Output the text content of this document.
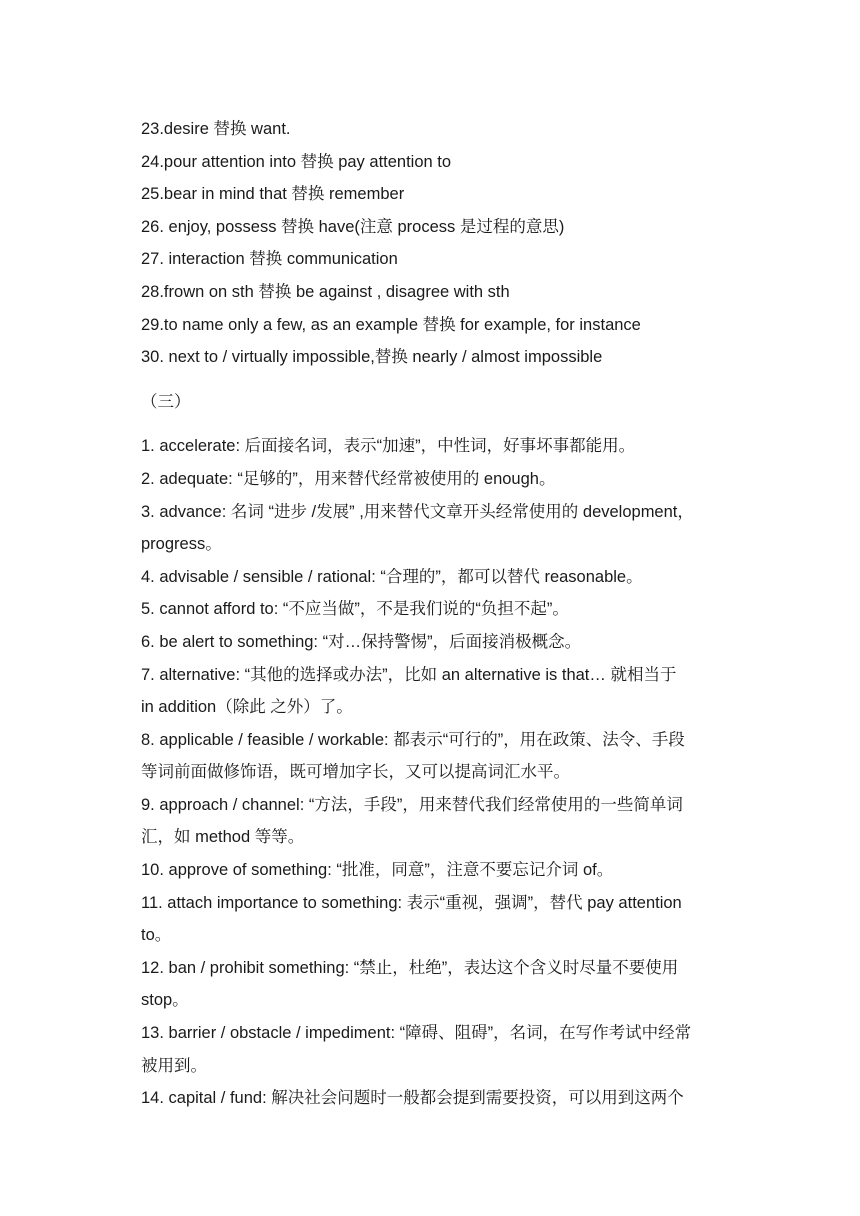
23.desire 替换 want.
24.pour attention into 替换 pay attention to
25.bear in mind that 替换 remember
26. enjoy, possess 替换 have(注意 process 是过程的意思)
27. interaction 替换 communication
28.frown on sth 替换 be against , disagree with sth
29.to name only a few, as an example 替换 for example, for instance
30. next to / virtually impossible,替换 nearly / almost impossible
（三）
1. accelerate: 后面接名词，表示“加速”，中性词，好事坏事都能用。
2. adequate: “足够的”，用来替代经常被使用的 enough。
3. advance: 名词 “进步 /发展” ,用来替代文章开头经常使用的 development，
progress。
4. advisable / sensible / rational: “合理的”，都可以替代 reasonable。
5. cannot afford to: “不应当做”，不是我们说的“负担不起”。
6. be alert to something: “对…保持警惕”，后面接消极概念。
7. alternative: “其他的选择或办法”，比如 an alternative is that… 就相当于
in addition（除此 之外）了。
8. applicable / feasible / workable: 都表示“可行的”，用在政策、法令、手段
等词前面做修饰语，既可增加字长，又可以提高词汇水平。
9. approach / channel: “方法，手段”，用来替代我们经常使用的一些简单词
汇，如 method 等等。
10. approve of something: “批准，同意”，注意不要忘记介词 of。
11. attach importance to something: 表示“重视，强调”，替代 pay attention
to。
12. ban / prohibit something: “禁止，杜绝”，表达这个含义时尽量不要使用
stop。
13. barrier / obstacle / impediment: “障碍、阻碍”，名词，在写作考试中经常
被用到。
14. capital / fund: 解决社会问题时一般都会提到需要投资，可以用到这两个
